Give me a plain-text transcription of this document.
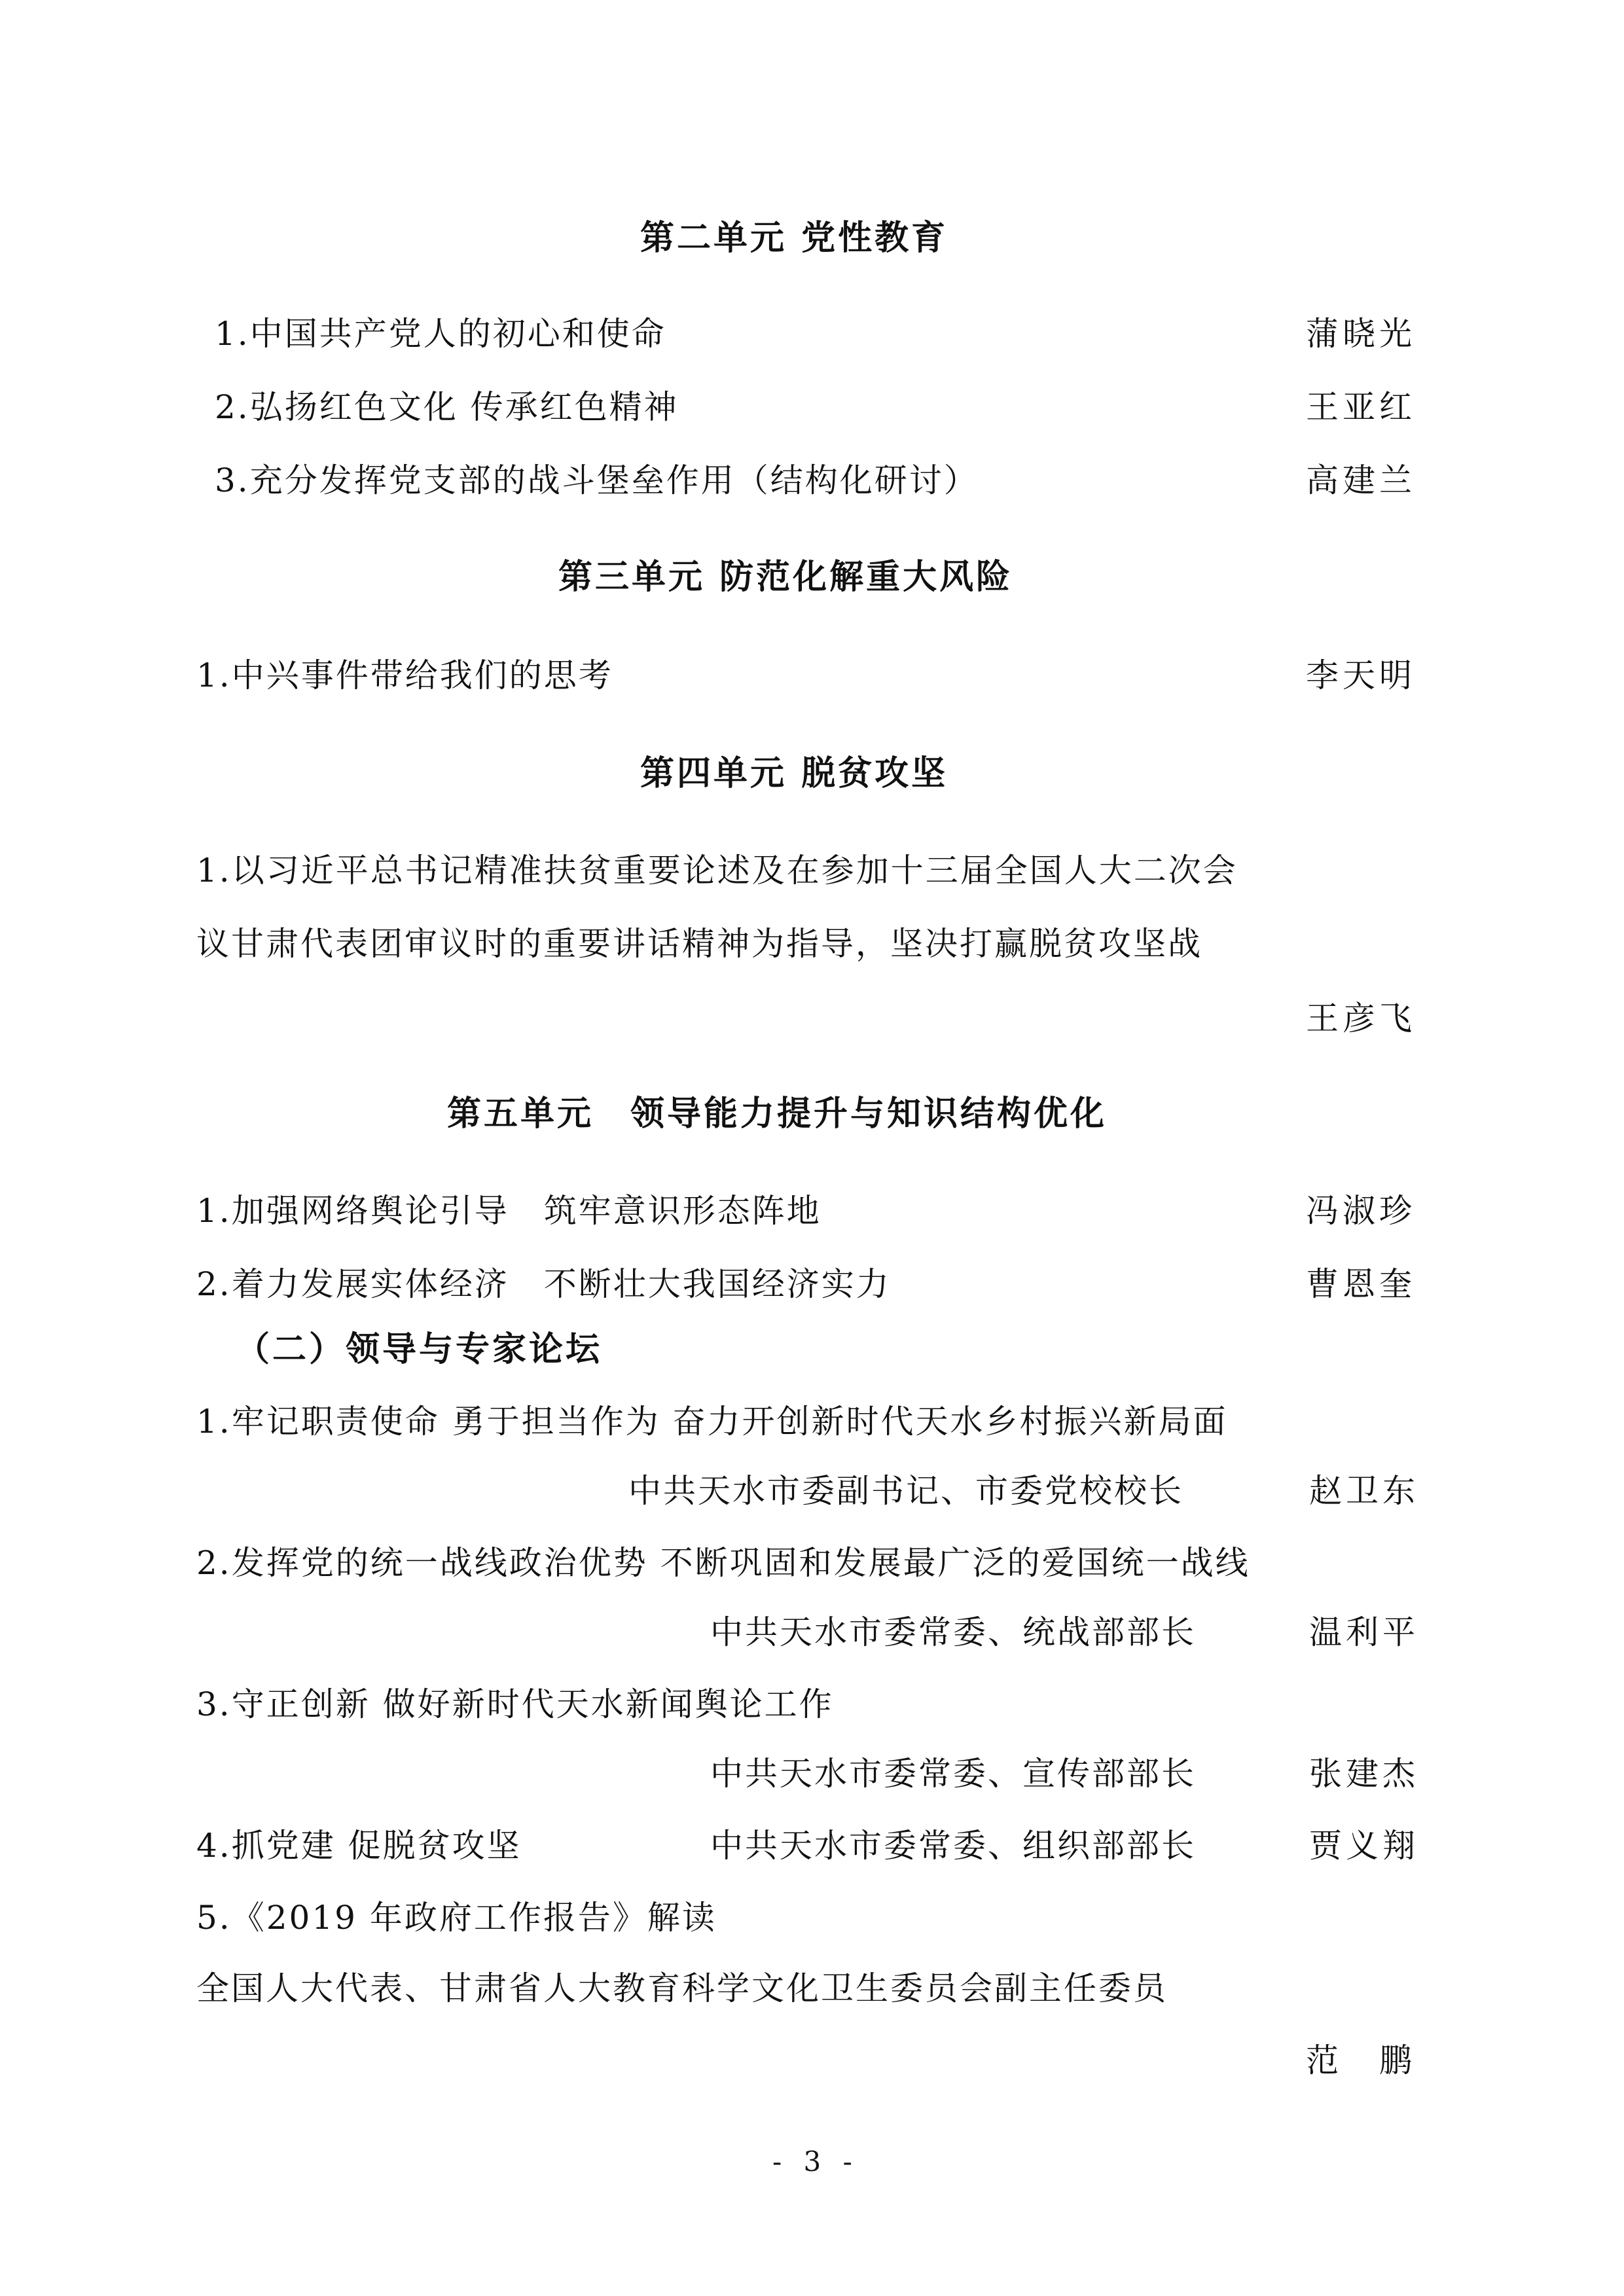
第二单元 党性教育
1.中国共产党人的初心和使命	蒲晓光
2.弘扬红色文化 传承红色精神	王亚红
3.充分发挥党支部的战斗堡垒作用（结构化研讨）	高建兰
第三单元 防范化解重大风险
1.中兴事件带给我们的思考	李天明
第四单元 脱贫攻坚
1.以习近平总书记精准扶贫重要论述及在参加十三届全国人大二次会
议甘肃代表团审议时的重要讲话精神为指导，坚决打赢脱贫攻坚战
王彦飞
第五单元　领导能力提升与知识结构优化
1.加强网络舆论引导　筑牢意识形态阵地	冯淑珍
2.着力发展实体经济　不断壮大我国经济实力	曹恩奎
（二）领导与专家论坛
1.牢记职责使命 勇于担当作为 奋力开创新时代天水乡村振兴新局面
中共天水市委副书记、市委党校校长	赵卫东
2.发挥党的统一战线政治优势 不断巩固和发展最广泛的爱国统一战线
中共天水市委常委、统战部部长	温利平
3.守正创新 做好新时代天水新闻舆论工作
中共天水市委常委、宣传部部长	张建杰
4.抓党建 促脱贫攻坚	中共天水市委常委、组织部部长	贾义翔
5.《2019 年政府工作报告》解读
全国人大代表、甘肃省人大教育科学文化卫生委员会副主任委员
范　鹏
- 3 -
